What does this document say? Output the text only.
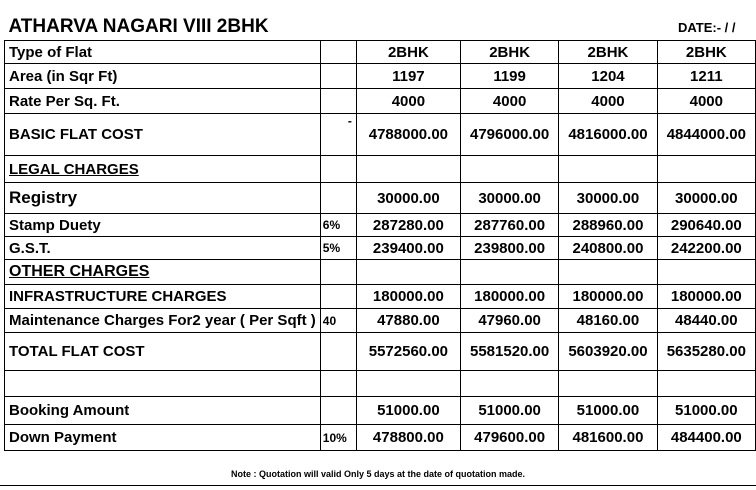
ATHARVA NAGARI VIII 2BHK				DATE:- / /	
Type of Flat		2BHK	2BHK	2BHK	2BHK
Area (in Sqr Ft)		1197	1199	1204	1211
Rate Per Sq. Ft.		4000	4000	4000	4000
BASIC FLAT COST	-	4788000.00	4796000.00	4816000.00	4844000.00
LEGAL CHARGES					
Registry		30000.00	30000.00	30000.00	30000.00
Stamp Duety	6%	287280.00	287760.00	288960.00	290640.00
G.S.T.	5%	239400.00	239800.00	240800.00	242200.00
OTHER CHARGES					
INFRASTRUCTURE CHARGES		180000.00	180000.00	180000.00	180000.00
Maintenance Charges For2 year ( Per Sqft )	40	47880.00	47960.00	48160.00	48440.00
TOTAL FLAT COST		5572560.00	5581520.00	5603920.00	5635280.00

Booking Amount		51000.00	51000.00	51000.00	51000.00
Down Payment	10%	478800.00	479600.00	481600.00	484400.00
Note : Quotation will valid Only 5 days at the date of quotation made.
